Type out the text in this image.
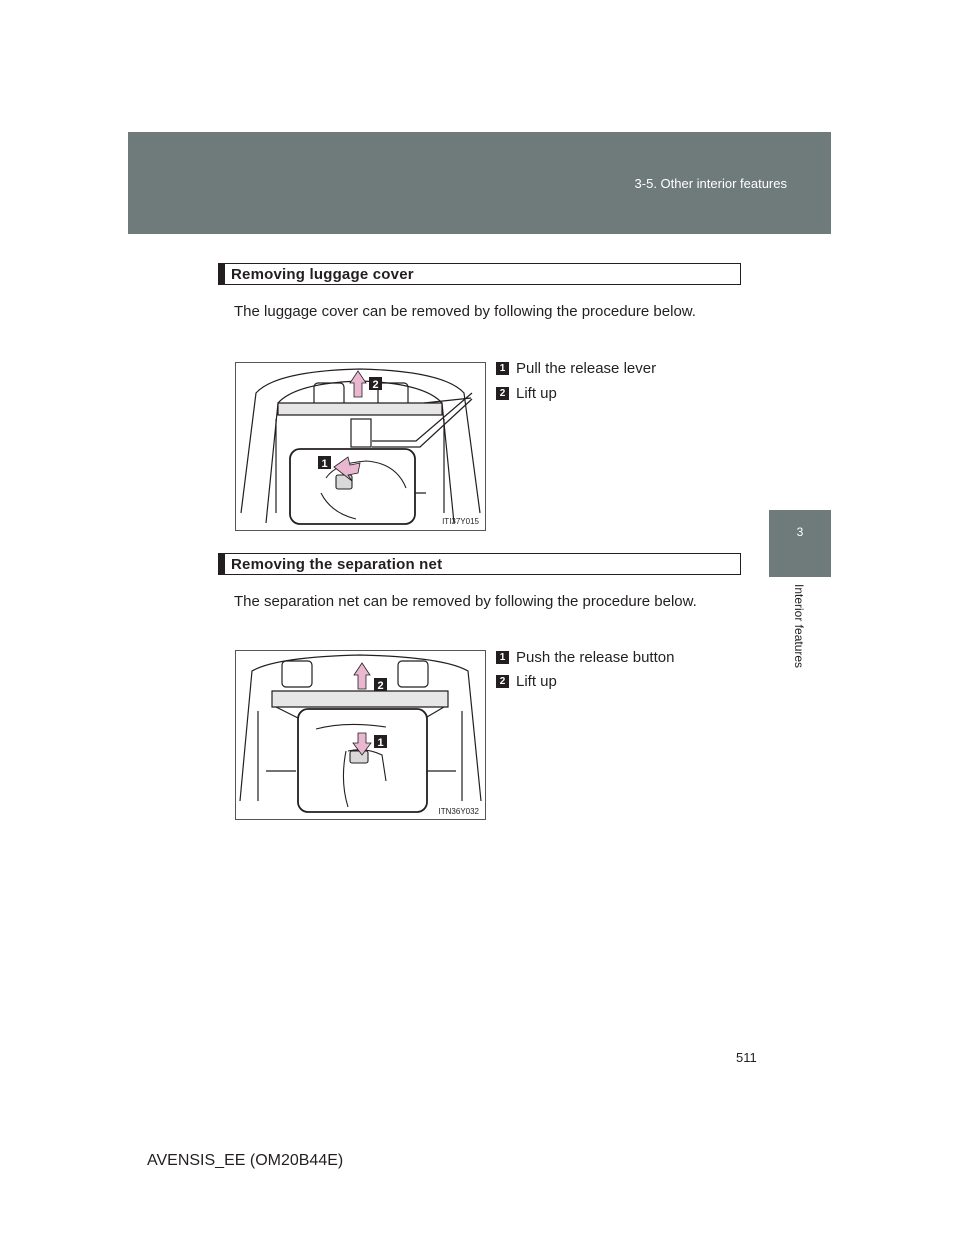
3-5. Other interior features
3
Interior features
Removing luggage cover
The luggage cover can be removed by following the procedure below.
2
1
ITI37Y015
1 Pull the release lever
2 Lift up
Removing the separation net
The separation net can be removed by following the procedure below.
2
1
ITN36Y032
1 Push the release button
2 Lift up
511
AVENSIS_EE (OM20B44E)
